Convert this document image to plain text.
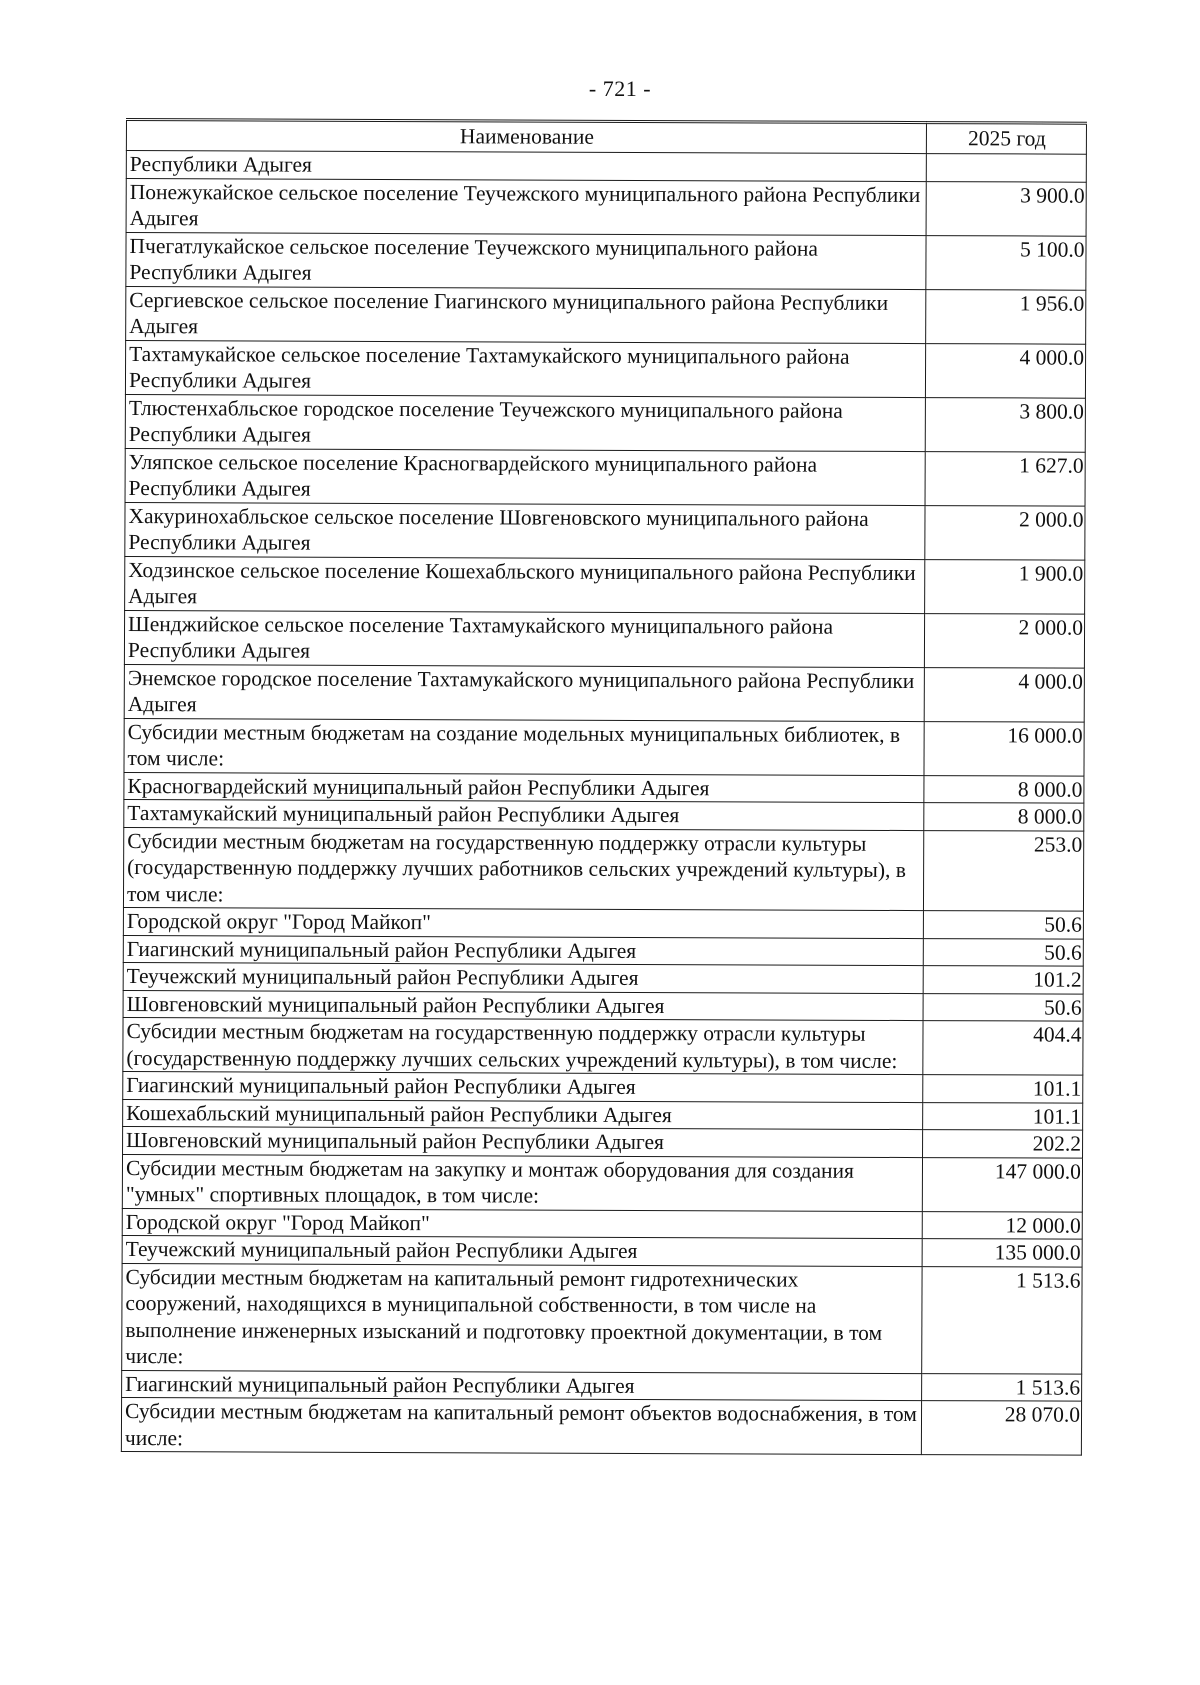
- 721 -
Наименование	2025 год
Республики Адыгея	
Понежукайское сельское поселение Теучежского муниципального района Республики Адыгея	3 900.0
Пчегатлукайское сельское поселение Теучежского муниципального района Республики Адыгея	5 100.0
Сергиевское сельское поселение Гиагинского муниципального района Республики Адыгея	1 956.0
Тахтамукайское сельское поселение Тахтамукайского муниципального района Республики Адыгея	4 000.0
Тлюстенхабльское городское поселение Теучежского муниципального района Республики Адыгея	3 800.0
Уляпское сельское поселение Красногвардейского муниципального района Республики Адыгея	1 627.0
Хакуринохабльское сельское поселение Шовгеновского муниципального района Республики Адыгея	2 000.0
Ходзинское сельское поселение Кошехабльского муниципального района Республики Адыгея	1 900.0
Шенджийское сельское поселение Тахтамукайского муниципального района Республики Адыгея	2 000.0
Энемское городское поселение Тахтамукайского муниципального района Республики Адыгея	4 000.0
Субсидии местным бюджетам на создание модельных муниципальных библиотек, в том числе:	16 000.0
Красногвардейский муниципальный район Республики Адыгея	8 000.0
Тахтамукайский муниципальный район Республики Адыгея	8 000.0
Субсидии местным бюджетам на государственную поддержку отрасли культуры (государственную поддержку лучших работников сельских учреждений культуры), в том числе:	253.0
Городской округ "Город Майкоп"	50.6
Гиагинский муниципальный район Республики Адыгея	50.6
Теучежский муниципальный район Республики Адыгея	101.2
Шовгеновский муниципальный район Республики Адыгея	50.6
Субсидии местным бюджетам на государственную поддержку отрасли культуры (государственную поддержку лучших сельских учреждений культуры), в том числе:	404.4
Гиагинский муниципальный район Республики Адыгея	101.1
Кошехабльский муниципальный район Республики Адыгея	101.1
Шовгеновский муниципальный район Республики Адыгея	202.2
Субсидии местным бюджетам на закупку и монтаж оборудования для создания "умных" спортивных площадок, в том числе:	147 000.0
Городской округ "Город Майкоп"	12 000.0
Теучежский муниципальный район Республики Адыгея	135 000.0
Субсидии местным бюджетам на капитальный ремонт гидротехнических сооружений, находящихся в муниципальной собственности, в том числе на выполнение инженерных изысканий и подготовку проектной документации, в том числе:	1 513.6
Гиагинский муниципальный район Республики Адыгея	1 513.6
Субсидии местным бюджетам на капитальный ремонт объектов водоснабжения, в том числе:	28 070.0
